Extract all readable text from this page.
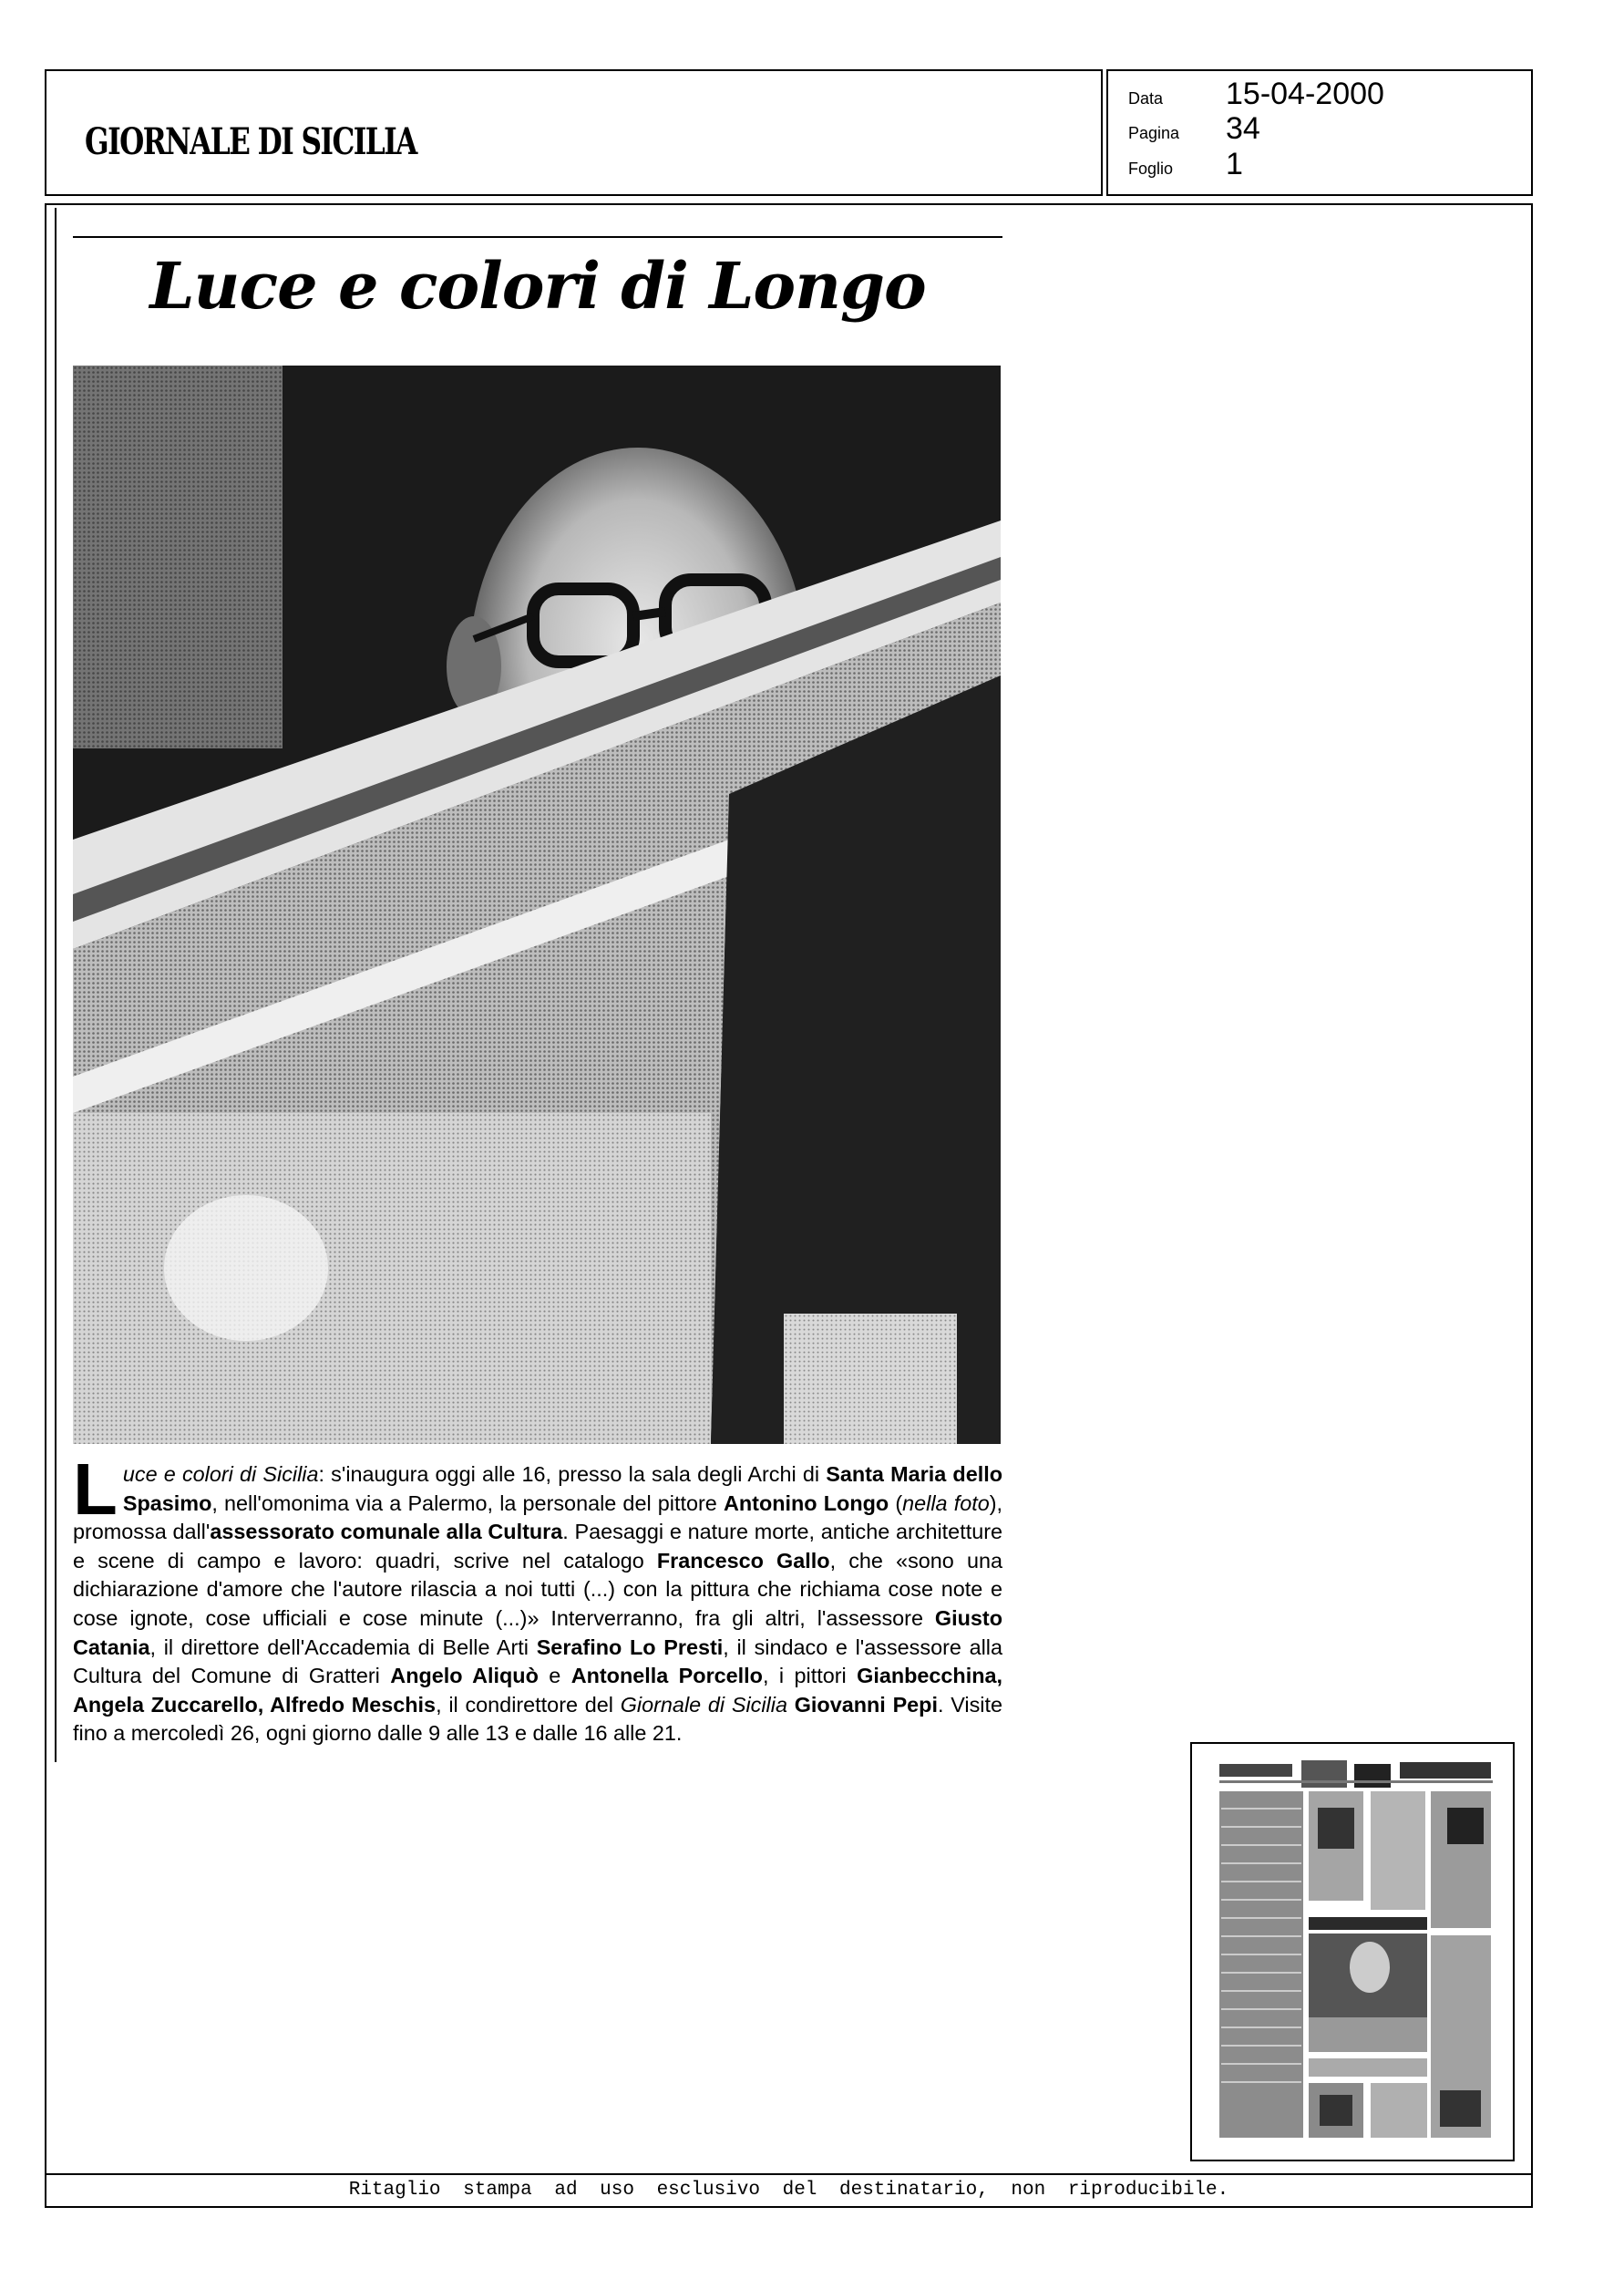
GIORNALE DI SICILIA
Data	15-04-2000
Pagina	34
Foglio	1
Luce e colori di Longo

Luce e colori di Sicilia: s'inaugura oggi alle 16, presso la sala degli Archi di Santa Maria dello Spasimo, nell'omonima via a Palermo, la personale del pittore Antonino Longo (nella foto), promossa dall'assessorato comunale alla Cultura. Paesaggi e nature morte, antiche architetture e scene di campo e lavoro: quadri, scrive nel catalogo Francesco Gallo, che «sono una dichiarazione d'amore che l'autore rilascia a noi tutti (...) con la pittura che richiama cose note e cose ignote, cose ufficiali e cose minute (...)» Interverranno, fra gli altri, l'assessore Giusto Catania, il direttore dell'Accademia di Belle Arti Serafino Lo Presti, il sindaco e l'assessore alla Cultura del Comune di Gratteri Angelo Aliquò e Antonella Porcello, i pittori Gianbecchina, Angela Zuccarello, Alfredo Meschis, il condirettore del Giornale di Sicilia Giovanni Pepi. Visite fino a mercoledì 26, ogni giorno dalle 9 alle 13 e dalle 16 alle 21.

Ritaglio stampa ad uso esclusivo del destinatario, non riproducibile.
